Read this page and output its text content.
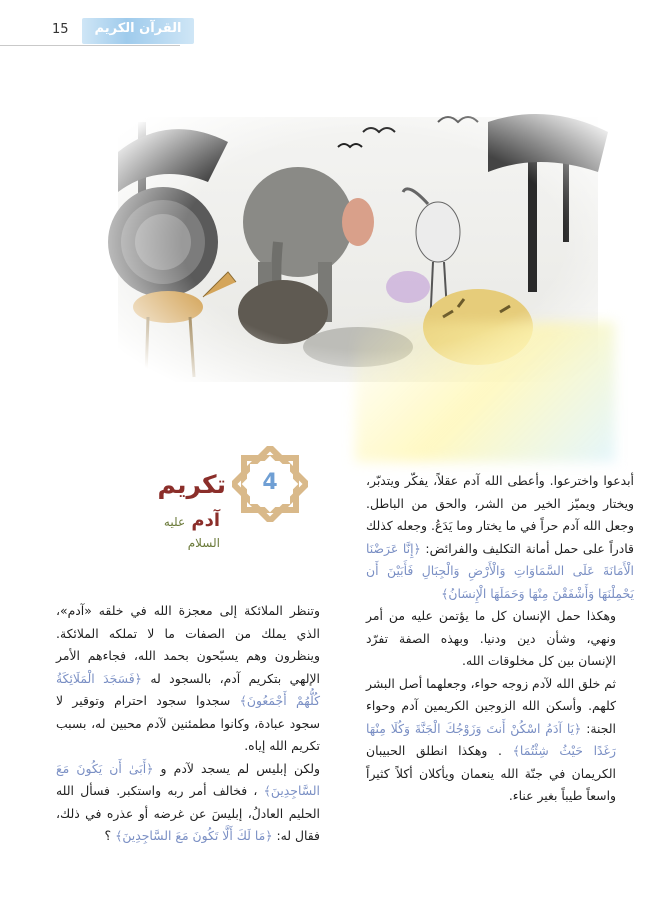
15	القرآن الكريم
4
تكريم
آدم عليه السلام

أبدعوا واخترعوا. وأعطى الله آدم عقلاً، يفكّر ويتدبّر، ويختار ويميّز الخير من الشر، والحق من الباطل. وجعل الله آدم حراً في ما يختار وما يَدَعُ. وجعله كذلك قادراً على حمل أمانة التكليف والفرائض: ﴿إِنَّا عَرَضْنَا الْأَمَانَةَ عَلَى السَّمَاوَاتِ وَالْأَرْضِ وَالْجِبَالِ فَأَبَيْنَ أَن يَحْمِلْنَهَا وَأَشْفَقْنَ مِنْهَا وَحَمَلَهَا الْإِنسَانُ﴾

وهكذا حمل الإنسان كل ما يؤتمن عليه من أمر ونهي، وشأن دين ودنيا. وبهذه الصفة تفرّد الإنسان بين كل مخلوقات الله.

ثم خلق الله لآدم زوجه حواء، وجعلهما أصل البشر كلهم. وأسكن الله الزوجين الكريمين آدم وحواء الجنة: ﴿يَا آدَمُ اسْكُنْ أَنتَ وَزَوْجُكَ الْجَنَّةَ وَكُلَا مِنْهَا رَغَدًا حَيْثُ شِئْتُمَا﴾ . وهكذا انطلق الحبيبان الكريمان في جنّة الله ينعمان ويأكلان أكلاً كثيراً واسعاً طيباً بغير عناء.

وتنظر الملائكة إلى معجزة الله في خلقه «آدم»، الذي يملك من الصفات ما لا تملكه الملائكة. وينظرون وهم يسبّحون بحمد الله، فجاءهم الأمر الإلهي بتكريم آدم، بالسجود له ﴿فَسَجَدَ الْمَلَائِكَةُ كُلُّهُمْ أَجْمَعُونَ﴾ سجدوا سجود احترام وتوقير لا سجود عبادة، وكانوا مطمئنين لآدم محبين له، بسبب تكريم الله إياه.

ولكن إبليس لم يسجد لآدم و ﴿أَبَىٰ أَن يَكُونَ مَعَ السَّاجِدِينَ﴾ ، فخالف أمر ربه واستكبر. فسأل الله الحليم العادلُ، إبليسَ عن غرضه أو عذره في ذلك، فقال له: ﴿مَا لَكَ أَلَّا تَكُونَ مَعَ السَّاجِدِينَ﴾ ؟
